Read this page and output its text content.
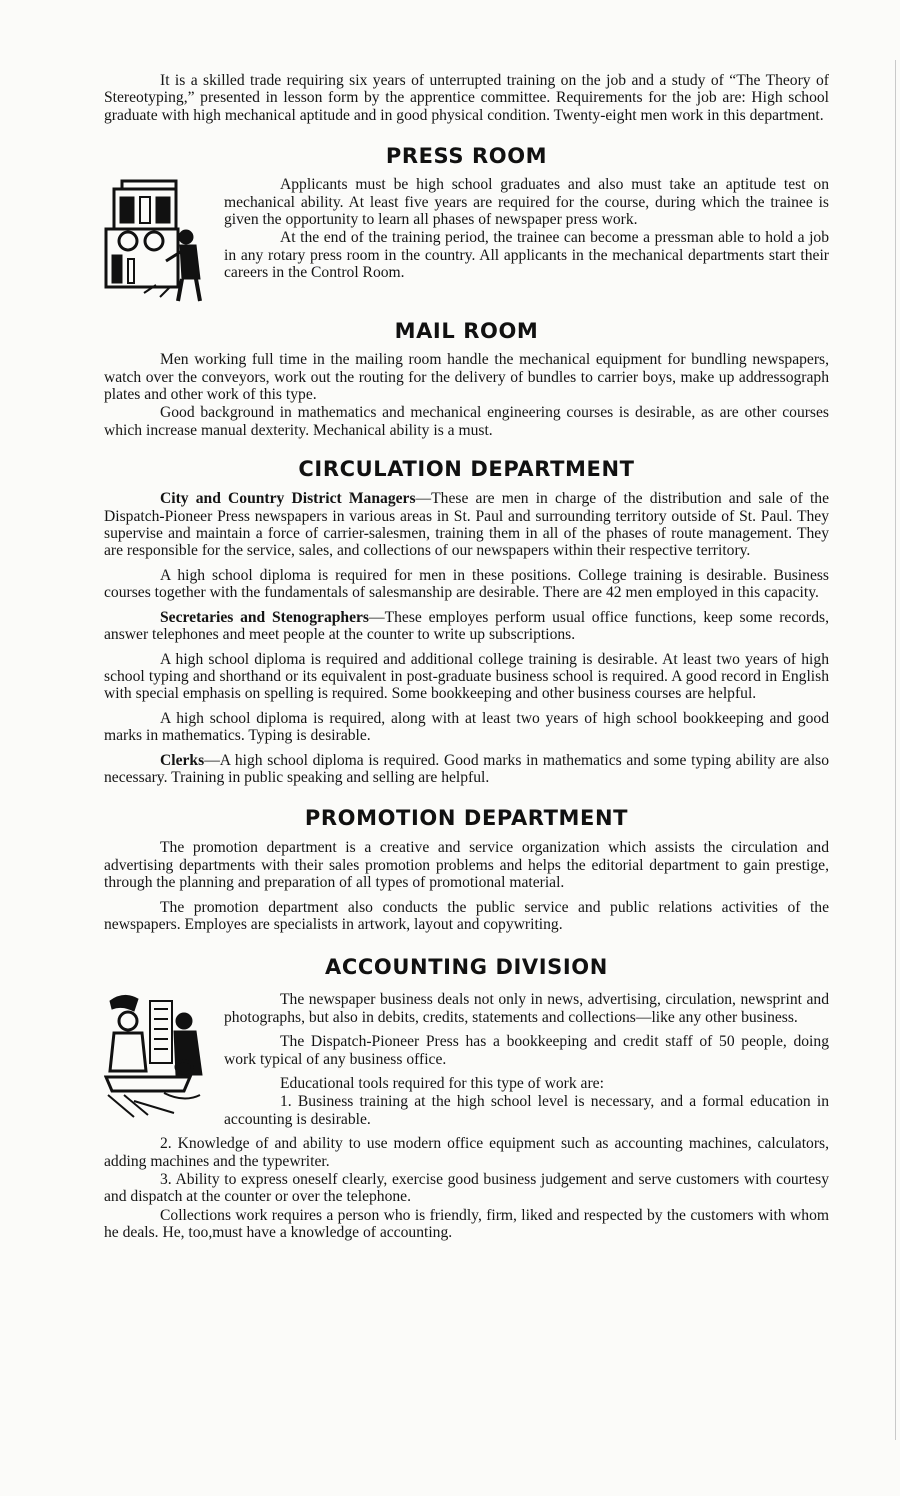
It is a skilled trade requiring six years of unterrupted training on the job and a study of “The Theory of Stereotyping,” presented in lesson form by the apprentice committee. Requirements for the job are: High school graduate with high mechanical aptitude and in good physical condition. Twenty-eight men work in this department.

PRESS ROOM

Applicants must be high school graduates and also must take an aptitude test on mechanical ability. At least five years are required for the course, during which the trainee is given the opportunity to learn all phases of newspaper press work.

At the end of the training period, the trainee can become a pressman able to hold a job in any rotary press room in the country. All applicants in the mechanical departments start their careers in the Control Room.

MAIL ROOM

Men working full time in the mailing room handle the mechanical equipment for bundling newspapers, watch over the conveyors, work out the routing for the delivery of bundles to carrier boys, make up addressograph plates and other work of this type.

Good background in mathematics and mechanical engineering courses is desirable, as are other courses which increase manual dexterity. Mechanical ability is a must.

CIRCULATION DEPARTMENT

City and Country District Managers—These are men in charge of the distribution and sale of the Dispatch-Pioneer Press newspapers in various areas in St. Paul and surrounding territory outside of St. Paul. They supervise and maintain a force of carrier-salesmen, training them in all of the phases of route management. They are responsible for the service, sales, and collections of our newspapers within their respective territory.

A high school diploma is required for men in these positions. College training is desirable. Business courses together with the fundamentals of salesmanship are desirable. There are 42 men employed in this capacity.

Secretaries and Stenographers—These employes perform usual office functions, keep some records, answer telephones and meet people at the counter to write up subscriptions.

A high school diploma is required and additional college training is desirable. At least two years of high school typing and shorthand or its equivalent in post-graduate business school is required. A good record in English with special emphasis on spelling is required. Some bookkeeping and other business courses are helpful.

A high school diploma is required, along with at least two years of high school bookkeeping and good marks in mathematics. Typing is desirable.

Clerks—A high school diploma is required. Good marks in mathematics and some typing ability are also necessary. Training in public speaking and selling are helpful.

PROMOTION DEPARTMENT

The promotion department is a creative and service organization which assists the circulation and advertising departments with their sales promotion problems and helps the editorial department to gain prestige, through the planning and preparation of all types of promotional material.

The promotion department also conducts the public service and public relations activities of the newspapers. Employes are specialists in artwork, layout and copywriting.

ACCOUNTING DIVISION

The newspaper business deals not only in news, advertising, circulation, newsprint and photographs, but also in debits, credits, statements and collections—like any other business.

The Dispatch-Pioneer Press has a bookkeeping and credit staff of 50 people, doing work typical of any business office.

Educational tools required for this type of work are:

1. Business training at the high school level is necessary, and a formal education in accounting is desirable.

2. Knowledge of and ability to use modern office equipment such as accounting machines, calculators, adding machines and the typewriter.

3. Ability to express oneself clearly, exercise good business judgement and serve customers with courtesy and dispatch at the counter or over the telephone.

Collections work requires a person who is friendly, firm, liked and respected by the customers with whom he deals. He, too,must have a knowledge of accounting.
